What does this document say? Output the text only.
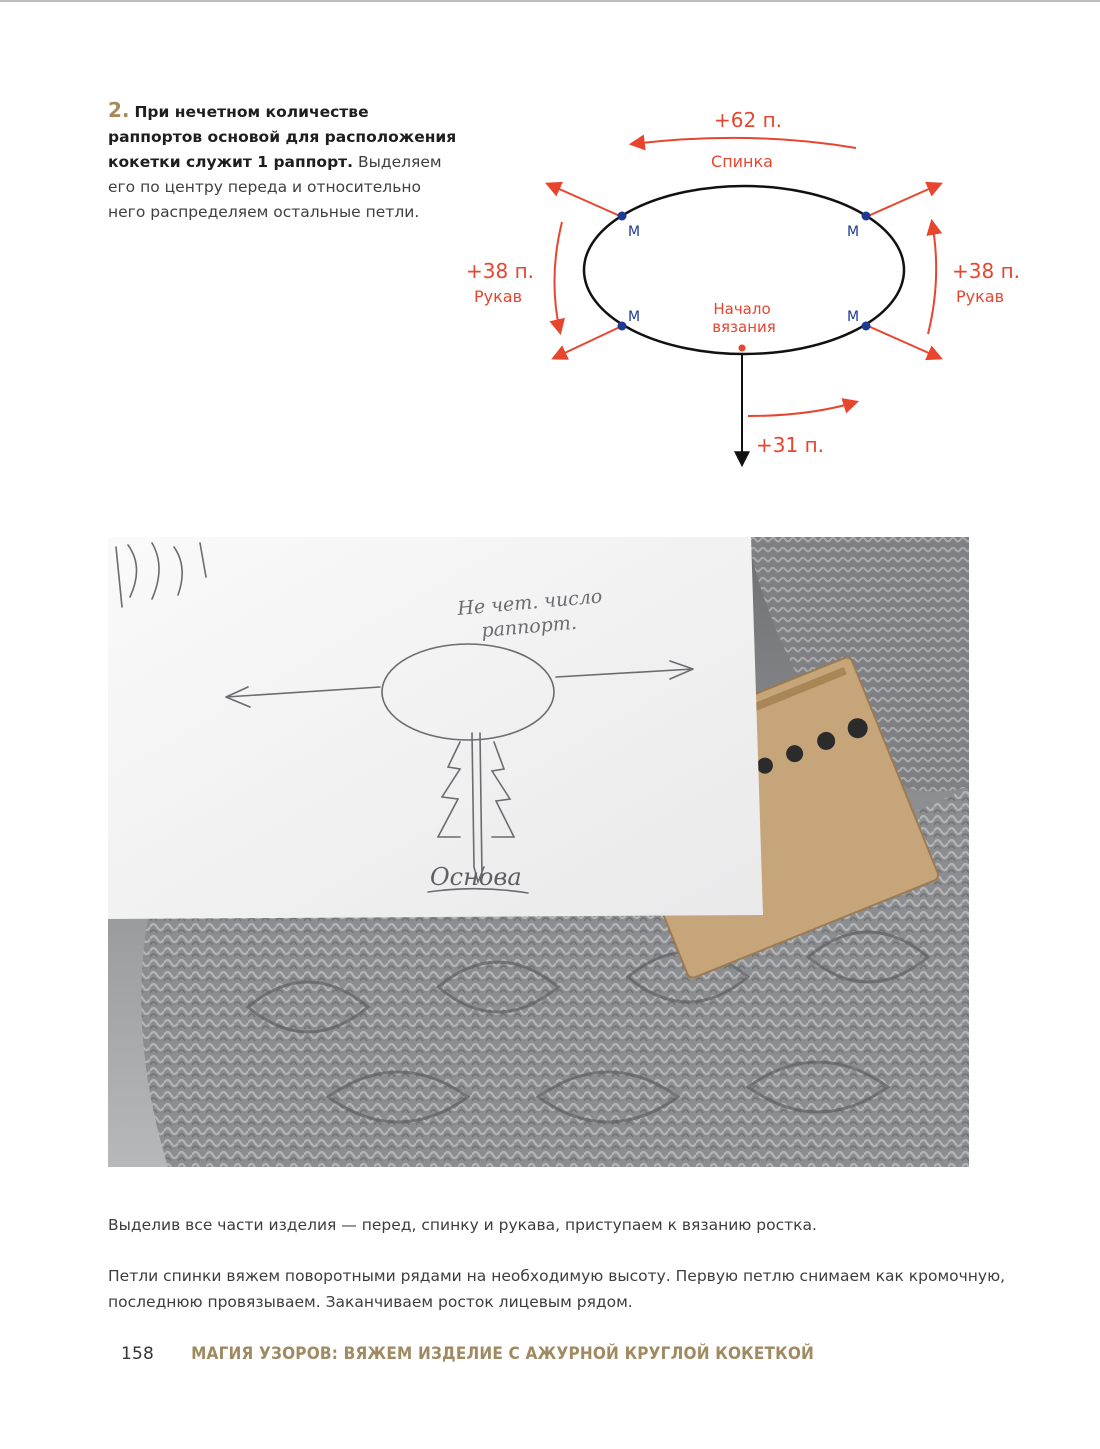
2. При нечетном количестве раппортов основой для расположения кокетки служит 1 раппорт. Выделяем его по центру переда и относительно него распределяем остальные петли.
+62 п.
Спинка
+38 п.
Рукав
+38 п.
Рукав
М	М
М	М
Начало
вязания
+31 п.
Не чет. число
раппорт.
Основа

Выделив все части изделия — перед, спинку и рукава, приступаем к вязанию ростка.

Петли спинки вяжем поворотными рядами на необходимую высоту. Первую петлю снимаем как кромочную, последнюю провязываем. Заканчиваем росток лицевым рядом.

158 МАГИЯ УЗОРОВ: ВЯЖЕМ ИЗДЕЛИЕ С АЖУРНОЙ КРУГЛОЙ КОКЕТКОЙ
